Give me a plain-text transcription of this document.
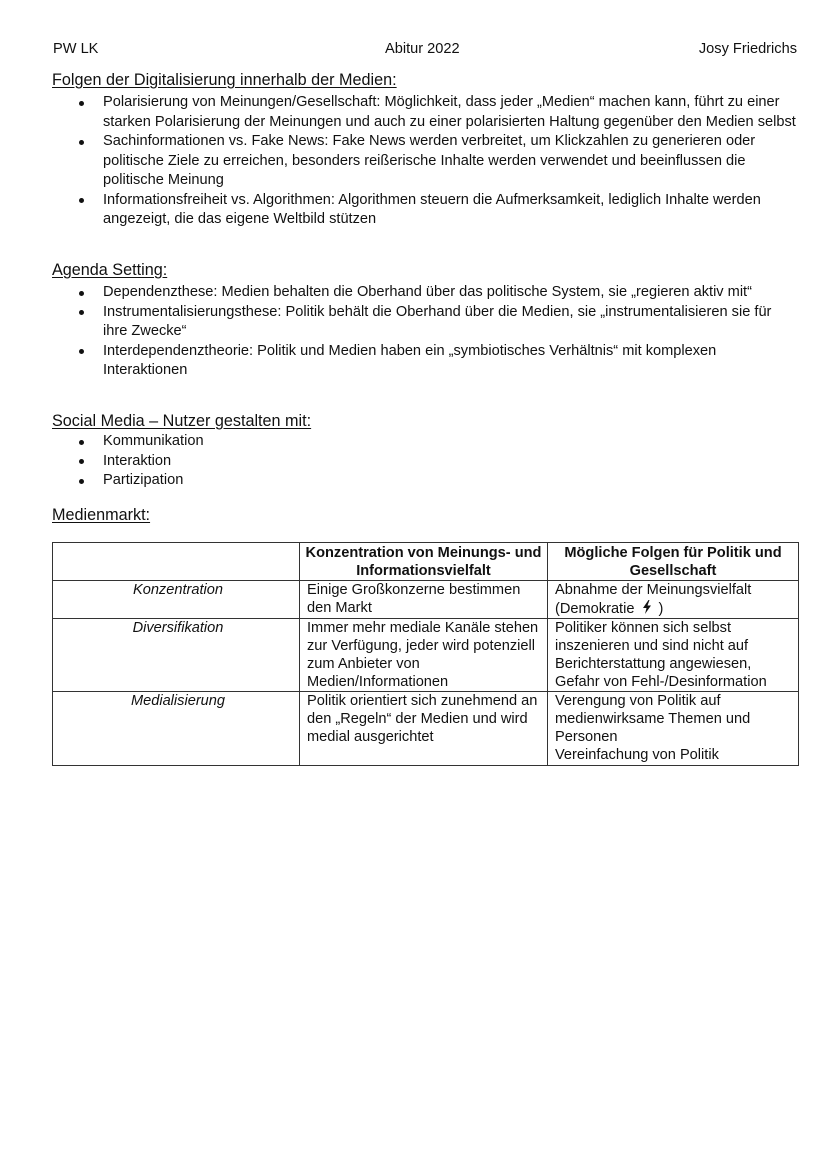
PW LK	Abitur 2022	Josy Friedrichs
Folgen der Digitalisierung innerhalb der Medien:
Polarisierung von Meinungen/Gesellschaft: Möglichkeit, dass jeder „Medien“ machen kann, führt zu einer starken Polarisierung der Meinungen und auch zu einer polarisierten Haltung gegenüber den Medien selbst
Sachinformationen vs. Fake News: Fake News werden verbreitet, um Klickzahlen zu generieren oder politische Ziele zu erreichen, besonders reißerische Inhalte werden verwendet und beeinflussen die politische Meinung
Informationsfreiheit vs. Algorithmen: Algorithmen steuern die Aufmerksamkeit, lediglich Inhalte werden angezeigt, die das eigene Weltbild stützen
Agenda Setting:
Dependenzthese: Medien behalten die Oberhand über das politische System, sie „regieren aktiv mit“
Instrumentalisierungsthese: Politik behält die Oberhand über die Medien, sie „instrumentalisieren sie für ihre Zwecke“
Interdependenztheorie: Politik und Medien haben ein „symbiotisches Verhältnis“ mit komplexen Interaktionen
Social Media – Nutzer gestalten mit:
Kommunikation
Interaktion
Partizipation
Medienmarkt:
	Konzentration von Meinungs- und Informationsvielfalt	Mögliche Folgen für Politik und Gesellschaft
Konzentration	Einige Großkonzerne bestimmen den Markt	Abnahme der Meinungsvielfalt
(Demokratie )

Diversifikation	Immer mehr mediale Kanäle stehen zur Verfügung, jeder wird potenziell zum Anbieter von Medien/Informationen	Politiker können sich selbst inszenieren und sind nicht auf Berichterstattung angewiesen, Gefahr von Fehl-/Desinformation

Medialisierung	Politik orientiert sich zunehmend an den „Regeln“ der Medien und wird medial ausgerichtet	Verengung von Politik auf medienwirksame Themen und Personen
Vereinfachung von Politik
